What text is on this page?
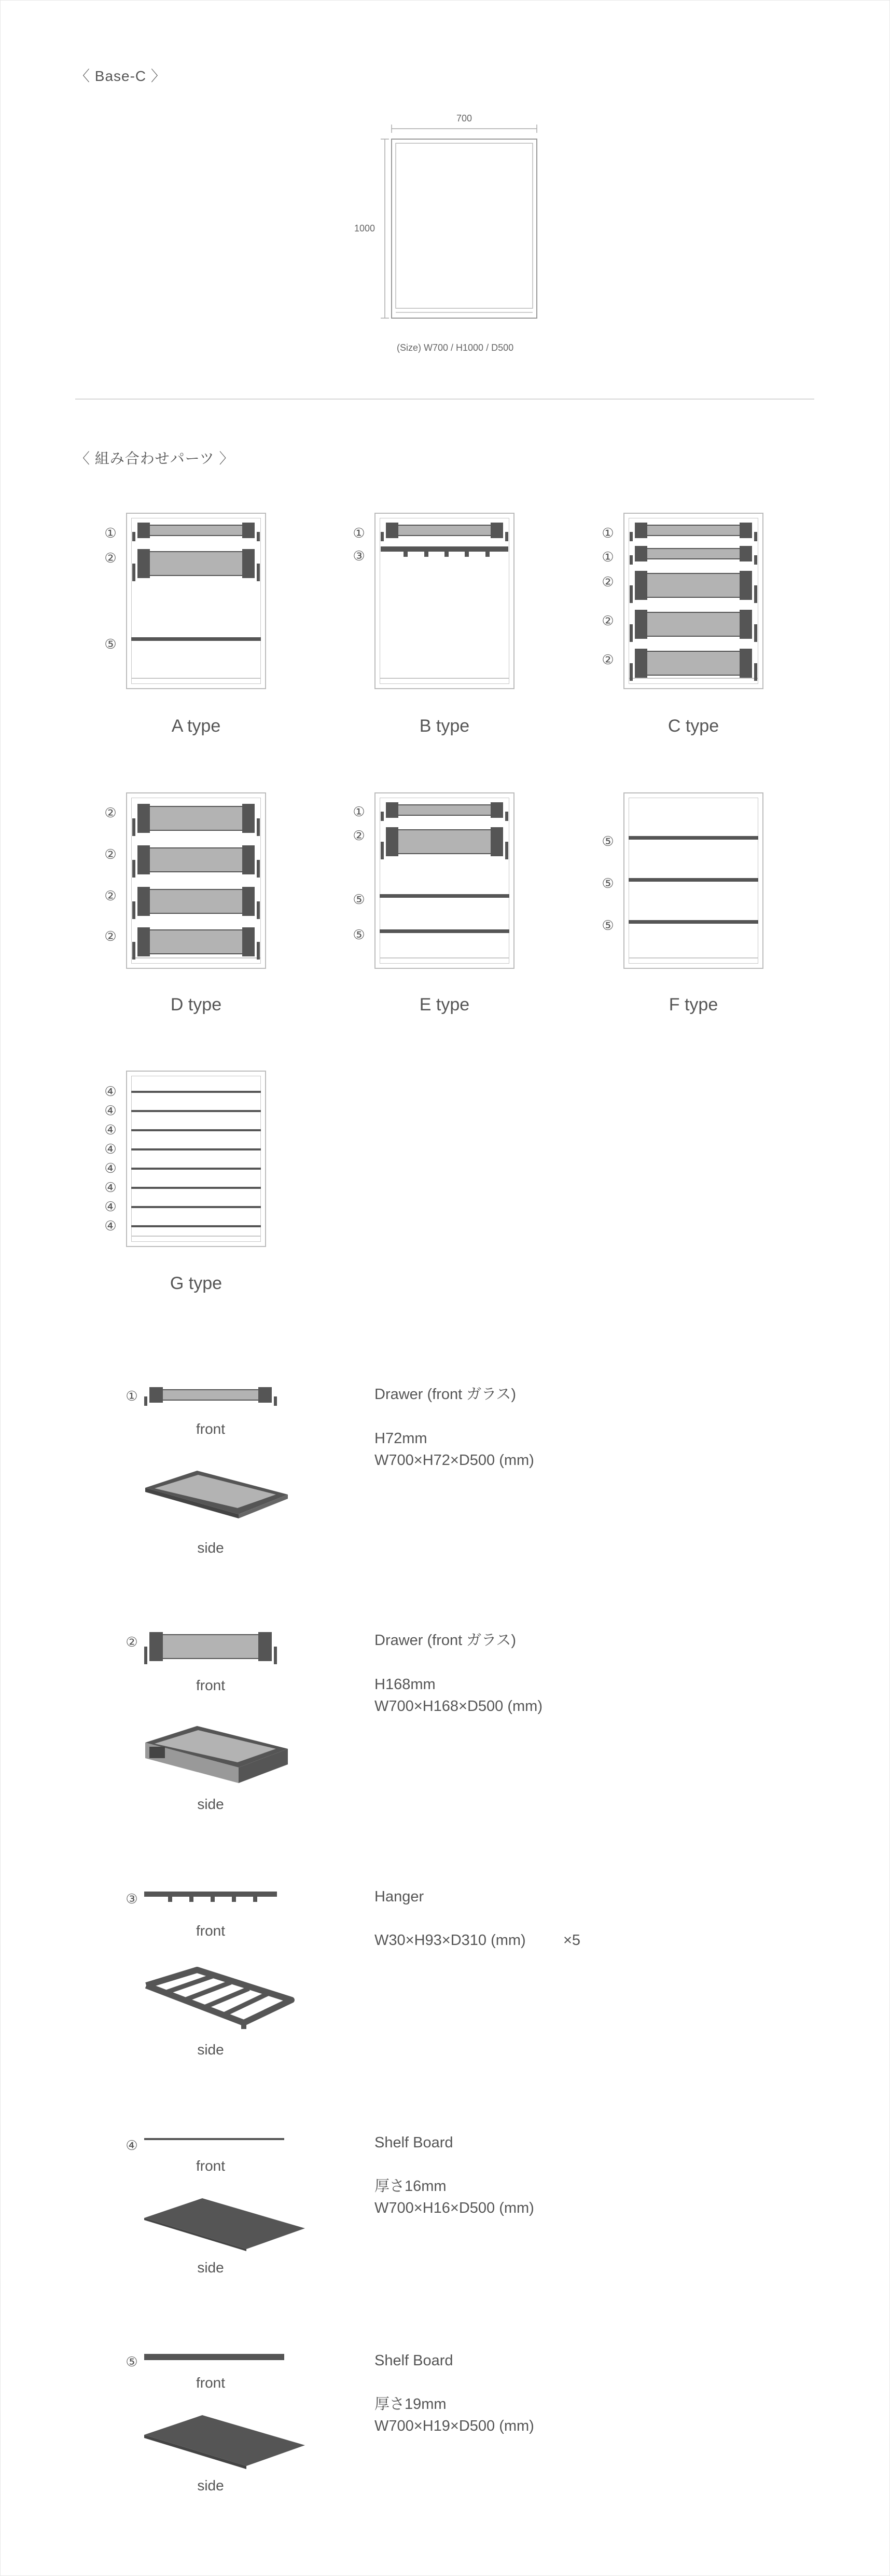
〈 Base-C 〉
700
1000
(Size) W700 / H1000 / D500
〈 組み合わせパーツ 〉
①
②
⑤
A type
①
③
B type
①
①
②
②
②
C type
②
②
②
②
D type
①
②
⑤
⑤
E type
⑤
⑤
⑤
F type
④
④
④
④
④
④
④
④
G type
①
front
side
Drawer (front ガラス)
H72mm
W700×H72×D500 (mm)
②
front
side
Drawer (front ガラス)
H168mm
W700×H168×D500 (mm)
③
front
side
Hanger
W30×H93×D310 (mm) ×5
④
front
side
Shelf Board
厚さ16mm
W700×H16×D500 (mm)
⑤
front
side
Shelf Board
厚さ19mm
W700×H19×D500 (mm)
